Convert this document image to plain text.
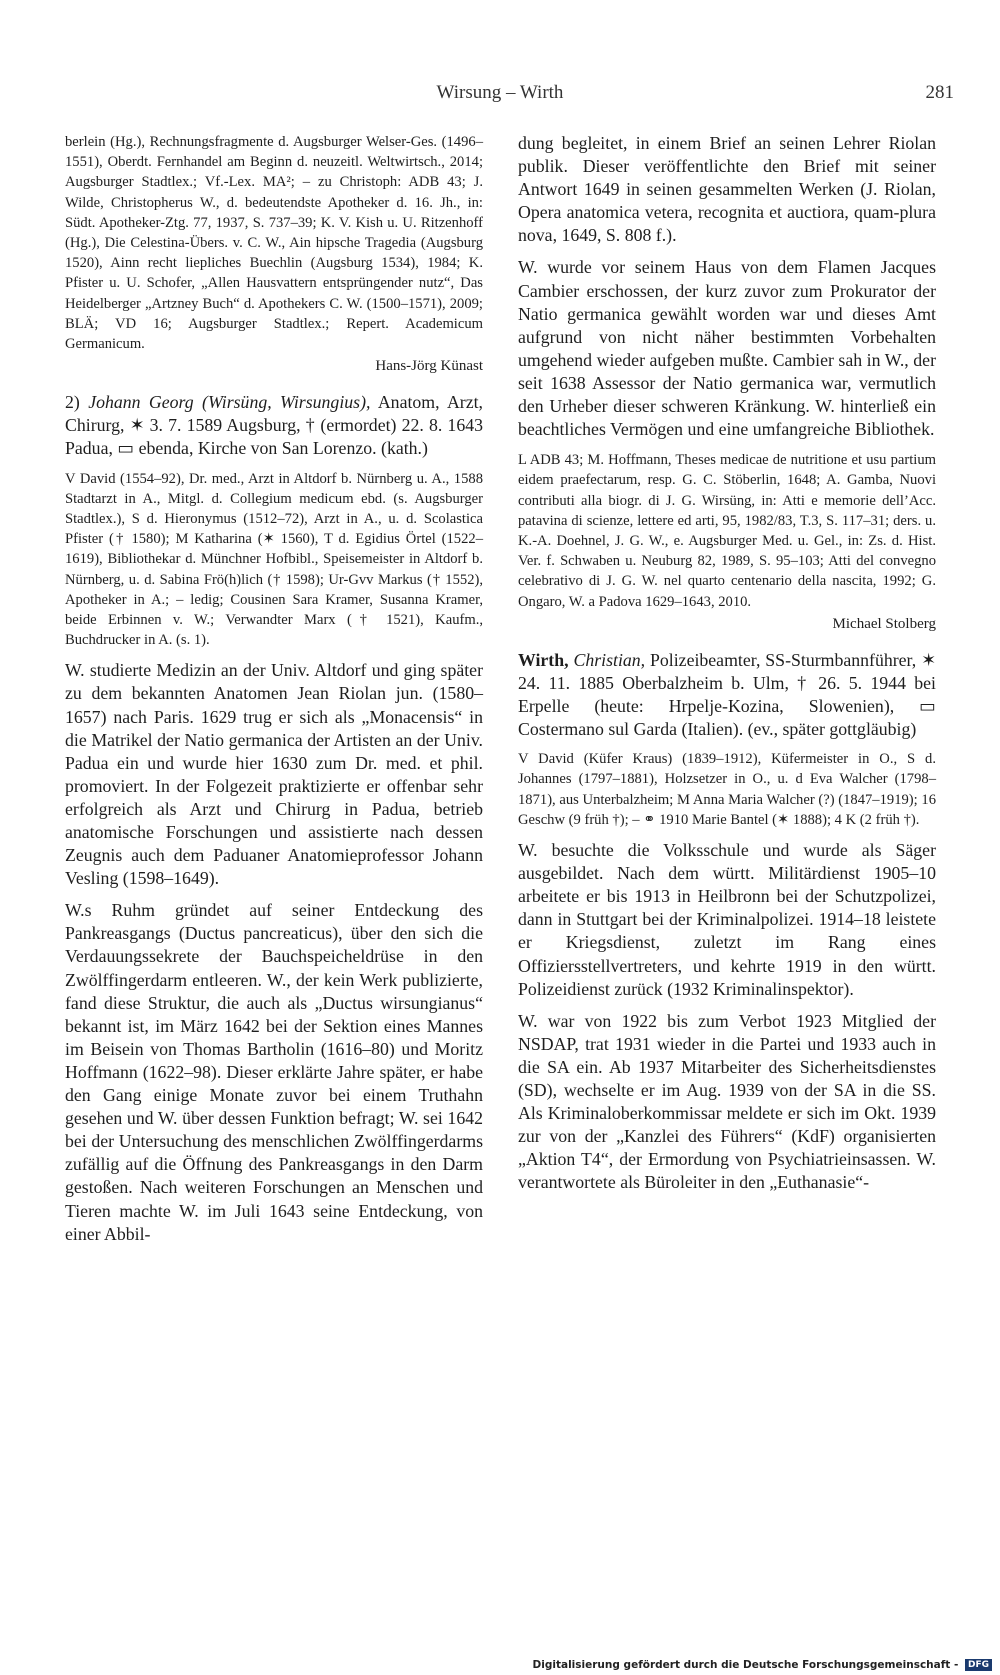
Wirsung – Wirth	281

berlein (Hg.), Rechnungsfragmente d. Augsburger Welser-Ges. (1496–1551), Oberdt. Fernhandel am Beginn d. neuzeitl. Weltwirtsch., 2014; Augsburger Stadtlex.; Vf.-Lex. MA²; – zu Christoph: ADB 43; J. Wilde, Christopherus W., d. bedeutendste Apotheker d. 16. Jh., in: Südt. Apotheker-Ztg. 77, 1937, S. 737–39; K. V. Kish u. U. Ritzenhoff (Hg.), Die Celestina-Übers. v. C. W., Ain hipsche Tragedia (Augsburg 1520), Ainn recht liepliches Buechlin (Augsburg 1534), 1984; K. Pfister u. U. Schofer, „Allen Hausvattern entsprüngender nutz“, Das Heidelberger „Artzney Buch“ d. Apothekers C. W. (1500–1571), 2009; BLÄ; VD 16; Augsburger Stadtlex.; Repert. Academicum Germanicum.

Hans-Jörg Künast

2) Johann Georg (Wirsüng, Wirsungius), Anatom, Arzt, Chirurg, ✶ 3. 7. 1589 Augsburg, † (ermordet) 22. 8. 1643 Padua, ▭ ebenda, Kirche von San Lorenzo. (kath.)

V David (1554–92), Dr. med., Arzt in Altdorf b. Nürnberg u. A., 1588 Stadtarzt in A., Mitgl. d. Collegium medicum ebd. (s. Augsburger Stadtlex.), S d. Hieronymus (1512–72), Arzt in A., u. d. Scolastica Pfister († 1580); M Katharina (✶ 1560), T d. Egidius Örtel (1522–1619), Bibliothekar d. Münchner Hofbibl., Speisemeister in Altdorf b. Nürnberg, u. d. Sabina Frö(h)lich († 1598); Ur-Gvv Markus († 1552), Apotheker in A.; – ledig; Cousinen Sara Kramer, Susanna Kramer, beide Erbinnen v. W.; Verwandter Marx († 1521), Kaufm., Buchdrucker in A. (s. 1).

W. studierte Medizin an der Univ. Altdorf und ging später zu dem bekannten Anatomen Jean Riolan jun. (1580–1657) nach Paris. 1629 trug er sich als „Monacensis“ in die Matrikel der Natio germanica der Artisten an der Univ. Padua ein und wurde hier 1630 zum Dr. med. et phil. promoviert. In der Folgezeit praktizierte er offenbar sehr erfolgreich als Arzt und Chirurg in Padua, betrieb anatomische Forschungen und assistierte nach dessen Zeugnis auch dem Paduaner Anatomieprofessor Johann Vesling (1598–1649).

W.s Ruhm gründet auf seiner Entdeckung des Pankreasgangs (Ductus pancreaticus), über den sich die Verdauungssekrete der Bauchspeicheldrüse in den Zwölffingerdarm entleeren. W., der kein Werk publizierte, fand diese Struktur, die auch als „Ductus wirsungianus“ bekannt ist, im März 1642 bei der Sektion eines Mannes im Beisein von Thomas Bartholin (1616–80) und Moritz Hoffmann (1622–98). Dieser erklärte Jahre später, er habe den Gang einige Monate zuvor bei einem Truthahn gesehen und W. über dessen Funktion befragt; W. sei 1642 bei der Untersuchung des menschlichen Zwölffingerdarms zufällig auf die Öffnung des Pankreasgangs in den Darm gestoßen. Nach weiteren Forschungen an Menschen und Tieren machte W. im Juli 1643 seine Entdeckung, von einer Abbil-

dung begleitet, in einem Brief an seinen Lehrer Riolan publik. Dieser veröffentlichte den Brief mit seiner Antwort 1649 in seinen gesammelten Werken (J. Riolan, Opera anatomica vetera, recognita et auctiora, quam-plura nova, 1649, S. 808 f.).

W. wurde vor seinem Haus von dem Flamen Jacques Cambier erschossen, der kurz zuvor zum Prokurator der Natio germanica gewählt worden war und dieses Amt aufgrund von nicht näher bestimmten Vorbehalten umgehend wieder aufgeben mußte. Cambier sah in W., der seit 1638 Assessor der Natio germanica war, vermutlich den Urheber dieser schweren Kränkung. W. hinterließ ein beachtliches Vermögen und eine umfangreiche Bibliothek.

L ADB 43; M. Hoffmann, Theses medicae de nutritione et usu partium eidem praefectarum, resp. G. C. Stöberlin, 1648; A. Gamba, Nuovi contributi alla biogr. di J. G. Wirsüng, in: Atti e memorie dell’Acc. patavina di scienze, lettere ed arti, 95, 1982/83, T.3, S. 117–31; ders. u. K.-A. Doehnel, J. G. W., e. Augsburger Med. u. Gel., in: Zs. d. Hist. Ver. f. Schwaben u. Neuburg 82, 1989, S. 95–103; Atti del convegno celebrativo di J. G. W. nel quarto centenario della nascita, 1992; G. Ongaro, W. a Padova 1629–1643, 2010.

Michael Stolberg

Wirth, Christian, Polizeibeamter, SS-Sturmbannführer, ✶ 24. 11. 1885 Oberbalzheim b. Ulm, † 26. 5. 1944 bei Erpelle (heute: Hrpelje-Kozina, Slowenien), ▭ Costermano sul Garda (Italien). (ev., später gottgläubig)

V David (Küfer Kraus) (1839–1912), Küfermeister in O., S d. Johannes (1797–1881), Holzsetzer in O., u. d Eva Walcher (1798–1871), aus Unterbalzheim; M Anna Maria Walcher (?) (1847–1919); 16 Geschw (9 früh †); – ⚭ 1910 Marie Bantel (✶ 1888); 4 K (2 früh †).

W. besuchte die Volksschule und wurde als Säger ausgebildet. Nach dem württ. Militärdienst 1905–10 arbeitete er bis 1913 in Heilbronn bei der Schutzpolizei, dann in Stuttgart bei der Kriminalpolizei. 1914–18 leistete er Kriegsdienst, zuletzt im Rang eines Offiziersstellvertreters, und kehrte 1919 in den württ. Polizeidienst zurück (1932 Kriminalinspektor).

W. war von 1922 bis zum Verbot 1923 Mitglied der NSDAP, trat 1931 wieder in die Partei und 1933 auch in die SA ein. Ab 1937 Mitarbeiter des Sicherheitsdienstes (SD), wechselte er im Aug. 1939 von der SA in die SS. Als Kriminaloberkommissar meldete er sich im Okt. 1939 zur von der „Kanzlei des Führers“ (KdF) organisierten „Aktion T4“, der Ermordung von Psychiatrieinsassen. W. verantwortete als Büroleiter in den „Euthanasie“-

Digitalisierung gefördert durch die Deutsche Forschungsgemeinschaft - DFG
